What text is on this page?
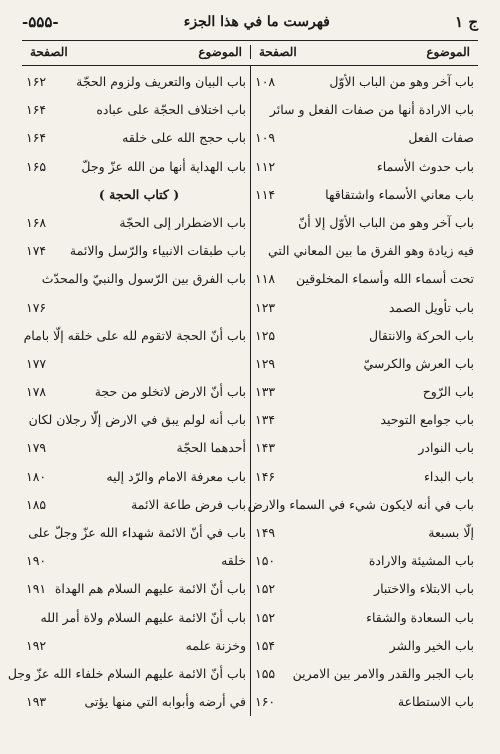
ج ۱
فهرست ما في هذا الجزء
-۵۵۵-
الموضوع
الصفحة
الموضوع
الصفحة
باب آخر وهو من الباب الأوّل
۱۰۸
باب الارادة أنها من صفات الفعل و سائر
صفات الفعل
۱۰۹
باب حدوث الأسماء
۱۱۲
باب معاني الأسماء واشتقاقها
۱۱۴
باب آخر وهو من الباب الأوّل إلا أنّ
فيه زيادة وهو الفرق ما بين المعاني التي
تحت أسماء الله وأسماء المخلوقين
۱۱۸
باب تأويل الصمد
۱۲۳
باب الحركة والانتقال
۱۲۵
باب العرش والكرسيّ
۱۲۹
باب الرّوح
۱۳۳
باب جوامع التوحيد
۱۳۴
باب النوادر
۱۴۳
باب البداء
۱۴۶
باب في أنه لايكون شيء في السماء والارض
إلّا بسبعة
۱۴۹
باب المشيئة والارادة
۱۵۰
باب الابتلاء والاختبار
۱۵۲
باب السعادة والشقاء
۱۵۲
باب الخير والشر
۱۵۴
باب الجبر والقدر والامر بين الامرين
۱۵۵
باب الاستطاعة
۱۶۰
باب البيان والتعريف ولزوم الحجّة
۱۶۲
باب اختلاف الحجّة على عباده
۱۶۴
باب حجج الله على خلقه
۱۶۴
باب الهداية أنها من الله عزّ وجلّ
۱۶۵
( كتاب الحجة )
باب الاضطرار إلى الحجّة
۱۶۸
باب طبقات الانبياء والرّسل والائمة
۱۷۴
باب الفرق بين الرّسول والنبيّ والمحدّث
۱۷۶
باب أنّ الحجة لاتقوم لله على خلقه إلّا بامام
۱۷۷
باب أنّ الارض لاتخلو من حجة
۱۷۸
باب أنه لولم يبق في الارض إلّا رجلان لكان
أحدهما الحجّة
۱۷۹
باب معرفة الامام والرّد إليه
۱۸۰
باب فرض طاعة الائمة
۱۸۵
باب في أنّ الائمة شهداء الله عزّ وجلّ على
خلقه
۱۹۰
باب أنّ الائمة عليهم السلام هم الهداة
۱۹۱
باب أنّ الائمة عليهم السلام ولاة أمر الله
وخزنة علمه
۱۹۲
باب أنّ الائمة عليهم السلام خلفاء الله عزّ وجل
في أرضه وأبوابه التي منها يؤتى
۱۹۳
